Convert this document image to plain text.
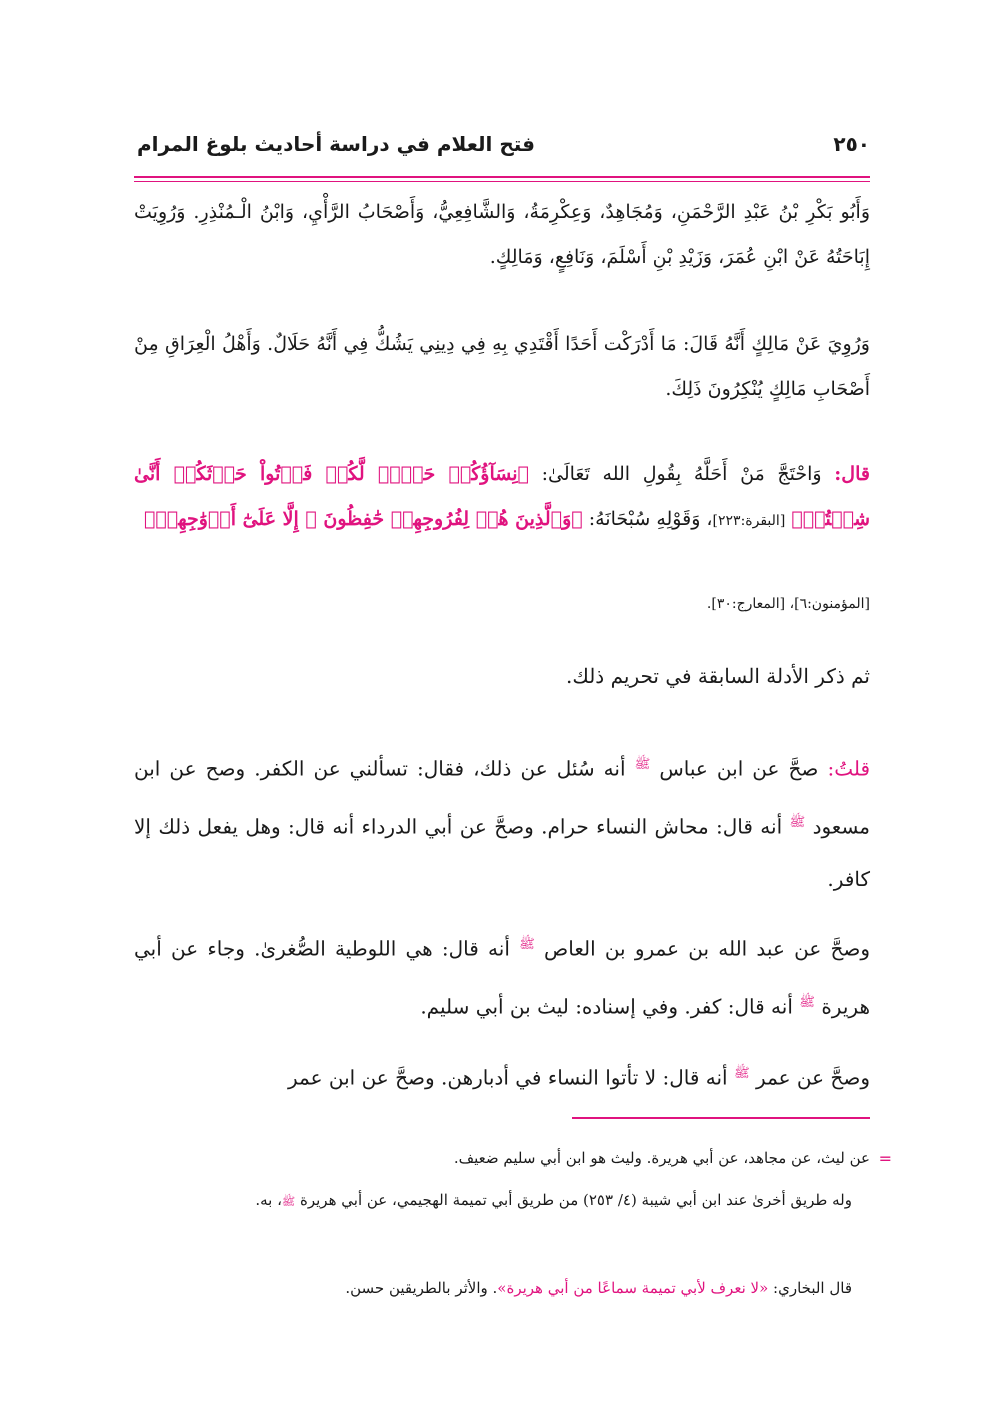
٢٥٠
فتح العلام في دراسة أحاديث بلوغ المرام

وَأَبُو بَكْرِ بْنُ عَبْدِ الرَّحْمَنِ، وَمُجَاهِدٌ، وَعِكْرِمَةُ، وَالشَّافِعِيُّ، وَأَصْحَابُ الرَّأْيِ، وَابْنُ الْـمُنْذِرِ. وَرُوِيَتْ إِبَاحَتُهُ عَنْ ابْنِ عُمَرَ، وَزَيْدِ بْنِ أَسْلَمَ، وَنَافِعٍ، وَمَالِكٍ.

وَرُوِيَ عَنْ مَالِكٍ أَنَّهُ قَالَ: مَا أَدْرَكْت أَحَدًا أَقْتَدِي بِهِ فِي دِينِي يَشُكُّ فِي أَنَّهُ حَلَالٌ. وَأَهْلُ الْعِرَاقِ مِنْ أَصْحَابِ مَالِكٍ يُنْكِرُونَ ذَلِكَ.

قال: وَاحْتَجَّ مَنْ أَحَلَّهُ بِقُولِ الله تَعَالَىٰ: ﴿نِسَآؤُكُمۡ حَرۡثٞ لَّكُمۡ فَأۡتُواْ حَرۡثَكُمۡ أَنَّىٰ شِئۡتُمۡ﴾ [البقرة:٢٢٣]، وَقَوْلِهِ سُبْحَانَهُ: ﴿وَٱلَّذِينَ هُمۡ لِفُرُوجِهِمۡ حَٰفِظُونَ ۞ إِلَّا عَلَىٰٓ أَزۡوَٰجِهِمۡ﴾

[المؤمنون:٦]، [المعارج:٣٠].

ثم ذكر الأدلة السابقة في تحريم ذلك.

قلتُ: صحَّ عن ابن عباس $^ﷺ$ أنه سُئل عن ذلك، فقال: تسألني عن الكفر. وصح عن ابن مسعود $^ﷺ$ أنه قال: محاش النساء حرام. وصحَّ عن أبي الدرداء أنه قال: وهل يفعل ذلك إلا كافر.

وصحَّ عن عبد الله بن عمرو بن العاص $^ﷺ$ أنه قال: هي اللوطية الصُّغرىٰ. وجاء عن أبي هريرة $^ﷺ$ أنه قال: كفر. وفي إسناده: ليث بن أبي سليم.

وصحَّ عن عمر $^ﷺ$ أنه قال: لا تأتوا النساء في أدبارهن. وصحَّ عن ابن عمر

=
عن ليث، عن مجاهد، عن أبي هريرة. وليث هو ابن أبي سليم ضعيف.
وله طريق أخرىٰ عند ابن أبي شيبة (٤/ ٢٥٣) من طريق أبي تميمة الهجيمي، عن أبي هريرة ﷺ، به.
قال البخاري: «لا نعرف لأبي تميمة سماعًا من أبي هريرة». والأثر بالطريقين حسن.
